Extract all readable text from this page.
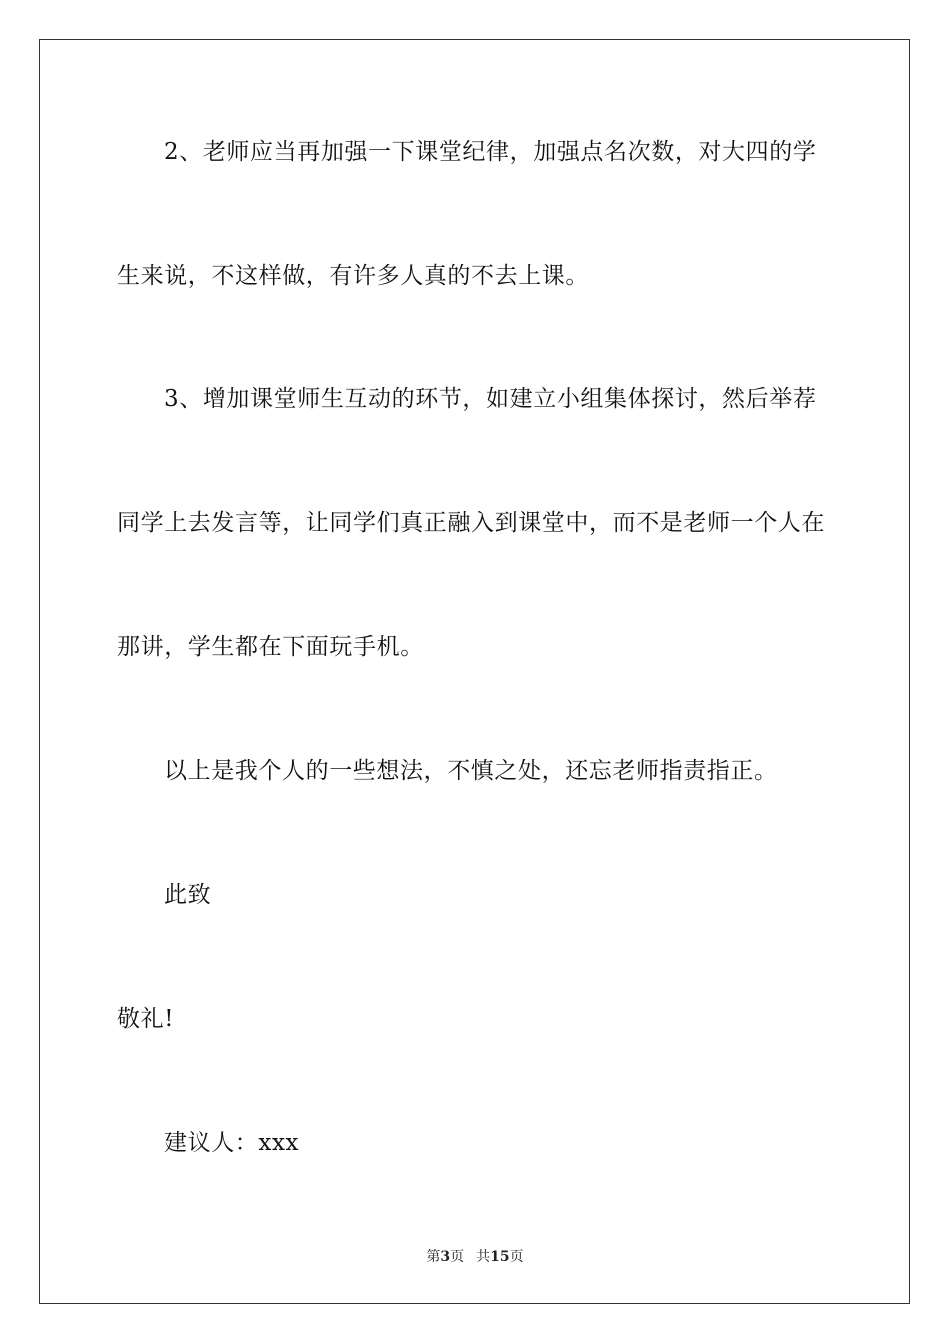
2、老师应当再加强一下课堂纪律，加强点名次数，对大四的学
生来说，不这样做，有许多人真的不去上课。
3、增加课堂师生互动的环节，如建立小组集体探讨，然后举荐
同学上去发言等，让同学们真正融入到课堂中，而不是老师一个人在
那讲，学生都在下面玩手机。
以上是我个人的一些想法，不慎之处，还忘老师指责指正。
此致
敬礼!
建议人：xxx
第3页 共15页
